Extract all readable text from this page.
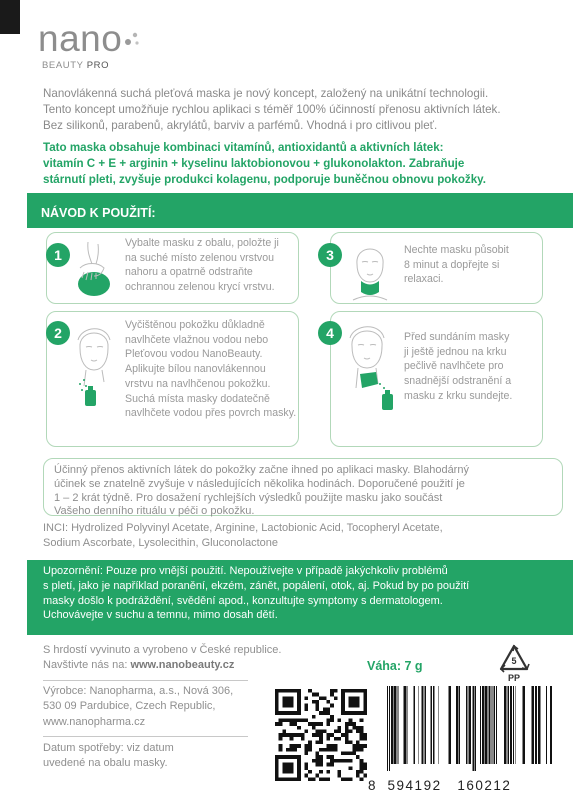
nano
BEAUTY PRO
Nanovlákenná suchá pleťová maska je nový koncept, založený na unikátní technologii.
Tento koncept umožňuje rychlou aplikaci s téměř 100% účinností přenosu aktivních látek.
Bez silikonů, parabenů, akrylátů, barviv a parfémů. Vhodná i pro citlivou pleť.
Tato maska obsahuje kombinaci vitamínů, antioxidantů a aktivních látek:
vitamín C + E + arginin + kyselinu laktobionovou + glukonolakton. Zabraňuje
stárnutí pleti, zvyšuje produkci kolagenu, podporuje buněčnou obnovu pokožky.
NÁVOD K POUŽITÍ:
1
Vybalte masku z obalu, položte ji
na suché místo zelenou vrstvou
nahoru a opatrně odstraňte
ochrannou zelenou krycí vrstvu.
3	Nechte masku působit
8 minut a dopřejte si
relaxaci.
2	Vyčištěnou pokožku důkladně
navlhčete vlažnou vodou nebo
Pleťovou vodou NanoBeauty.
Aplikujte bílou nanovlákennou
vrstvu na navlhčenou pokožku.
Suchá místa masky dodatečně
navlhčete vodou přes povrch masky.
4	Před sundáním masky
ji ještě jednou na krku
pečlivě navlhčete pro
snadnější odstranění a
masku z krku sundejte.
Účinný přenos aktivních látek do pokožky začne ihned po aplikaci masky. Blahodárný
účinek se znatelně zvyšuje v následujících několika hodinách. Doporučené použití je
1 – 2 krát týdně. Pro dosažení rychlejších výsledků použijte masku jako součást
Vašeho denního rituálu v péči o pokožku.
INCI: Hydrolized Polyvinyl Acetate, Arginine, Lactobionic Acid, Tocopheryl Acetate,
Sodium Ascorbate, Lysolecithin, Gluconolactone
Upozornění: Pouze pro vnější použití. Nepoužívejte v případě jakýchkoliv problémů
s pletí, jako je například poranění, ekzém, zánět, popálení, otok, aj. Pokud by po použití
masky došlo k podráždění, svědění apod., konzultujte symptomy s dermatologem.
Uchovávejte v suchu a temnu, mimo dosah dětí.
S hrdostí vyvinuto a vyrobeno v České republice.
Navštivte nás na: www.nanobeauty.cz	Váha: 7 g	5
PP
Výrobce: Nanopharma, a.s., Nová 306,
530 09 Pardubice, Czech Republic,
www.nanopharma.cz
Datum spotřeby: viz datum
uvedené na obalu masky.
8 594192 160212
